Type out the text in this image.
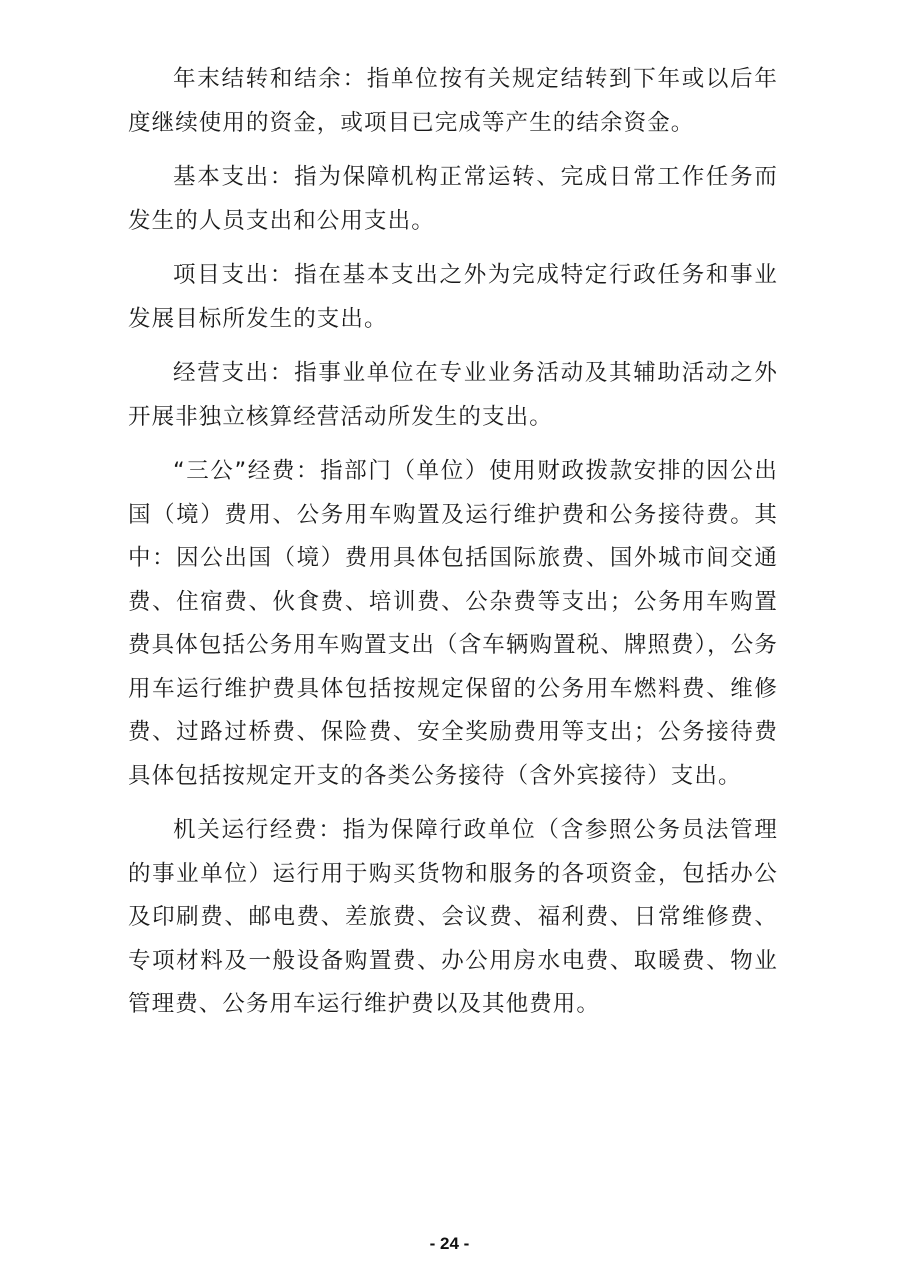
年末结转和结余：指单位按有关规定结转到下年或以后年度继续使用的资金，或项目已完成等产生的结余资金。

基本支出：指为保障机构正常运转、完成日常工作任务而发生的人员支出和公用支出。

项目支出：指在基本支出之外为完成特定行政任务和事业发展目标所发生的支出。

经营支出：指事业单位在专业业务活动及其辅助活动之外开展非独立核算经营活动所发生的支出。

“三公”经费：指部门（单位）使用财政拨款安排的因公出国（境）费用、公务用车购置及运行维护费和公务接待费。其中：因公出国（境）费用具体包括国际旅费、国外城市间交通费、住宿费、伙食费、培训费、公杂费等支出；公务用车购置费具体包括公务用车购置支出（含车辆购置税、牌照费），公务用车运行维护费具体包括按规定保留的公务用车燃料费、维修费、过路过桥费、保险费、安全奖励费用等支出；公务接待费具体包括按规定开支的各类公务接待（含外宾接待）支出。

机关运行经费：指为保障行政单位（含参照公务员法管理的事业单位）运行用于购买货物和服务的各项资金，包括办公及印刷费、邮电费、差旅费、会议费、福利费、日常维修费、专项材料及一般设备购置费、办公用房水电费、取暖费、物业管理费、公务用车运行维护费以及其他费用。

- 24 -
